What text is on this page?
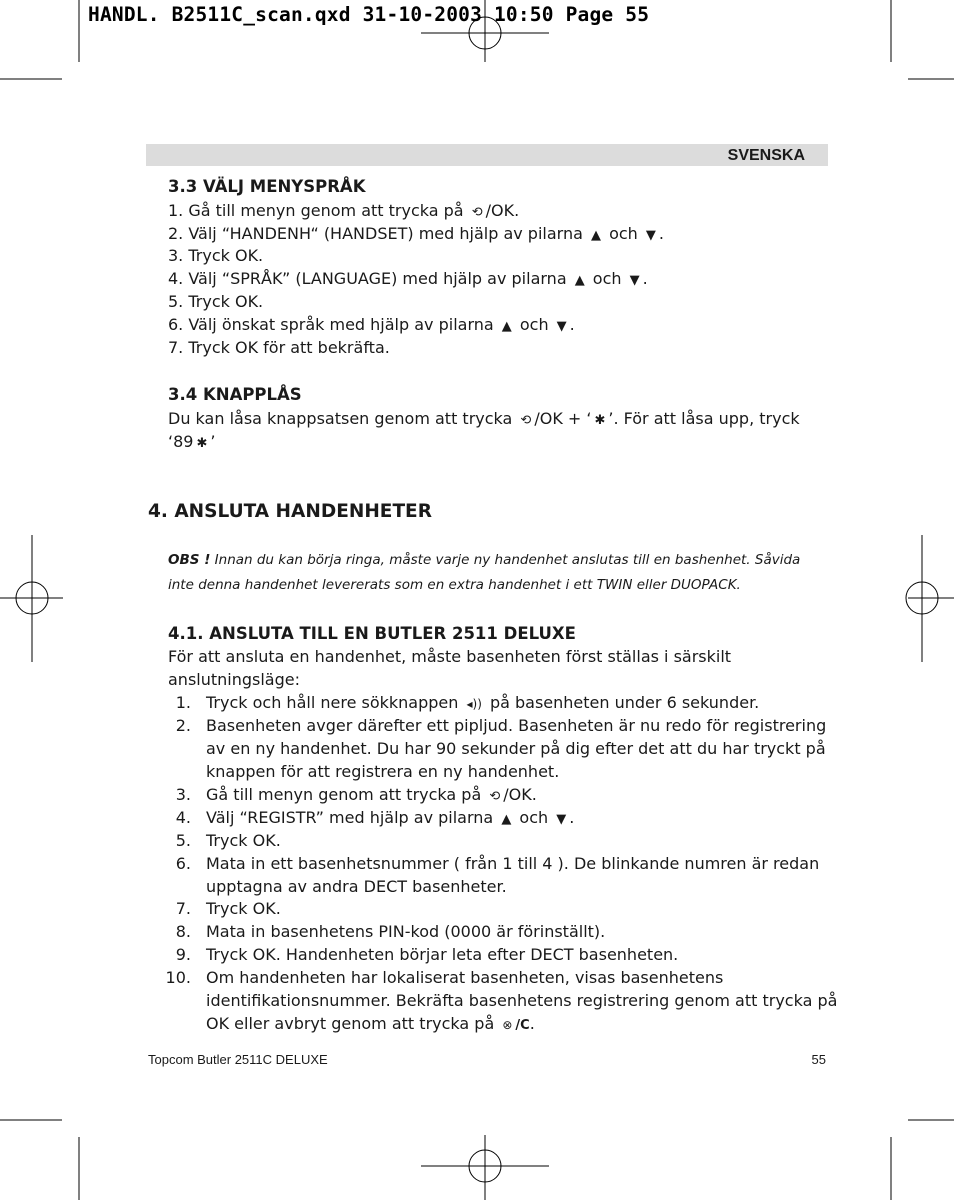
HANDL. B2511C_scan.qxd 31-10-2003 10:50 Page 55
SVENSKA
3.3 VÄLJ MENYSPRÅK
1. Gå till menyn genom att trycka på ⟲ /OK.
2. Välj “HANDENH“ (HANDSET) med hjälp av pilarna ▲ och ▼ .
3. Tryck OK.
4. Välj “SPRÅK” (LANGUAGE) med hjälp av pilarna ▲ och ▼ .
5. Tryck OK.
6. Välj önskat språk med hjälp av pilarna ▲ och ▼ .
7. Tryck OK för att bekräfta.
3.4 KNAPPLÅS
Du kan låsa knappsatsen genom att trycka ⟲ /OK + ‘ ✱ ’. För att låsa upp, tryck
‘89 ✱ ’
4. ANSLUTA HANDENHETER
OBS ! Innan du kan börja ringa, måste varje ny handenhet anslutas till en bashenhet. Såvida
inte denna handenhet levererats som en extra handenhet i ett TWIN eller DUOPACK.
4.1. ANSLUTA TILL EN BUTLER 2511 DELUXE
För att ansluta en handenhet, måste basenheten först ställas i särskilt
anslutningsläge:
1. Tryck och håll nere sökknappen ◂)) på basenheten under 6 sekunder.
2. Basenheten avger därefter ett pipljud. Basenheten är nu redo för registrering
av en ny handenhet. Du har 90 sekunder på dig efter det att du har tryckt på
knappen för att registrera en ny handenhet.
3. Gå till menyn genom att trycka på ⟲ /OK.
4. Välj “REGISTR” med hjälp av pilarna ▲ och ▼ .
5. Tryck OK.
6. Mata in ett basenhetsnummer ( från 1 till 4 ). De blinkande numren är redan
upptagna av andra DECT basenheter.
7. Tryck OK.
8. Mata in basenhetens PIN-kod (0000 är förinställt).
9. Tryck OK. Handenheten börjar leta efter DECT basenheten.
10. Om handenheten har lokaliserat basenheten, visas basenhetens
identifikationsnummer. Bekräfta basenhetens registrering genom att trycka på
OK eller avbryt genom att trycka på ⊗ /C.
Topcom Butler 2511C DELUXE	55
